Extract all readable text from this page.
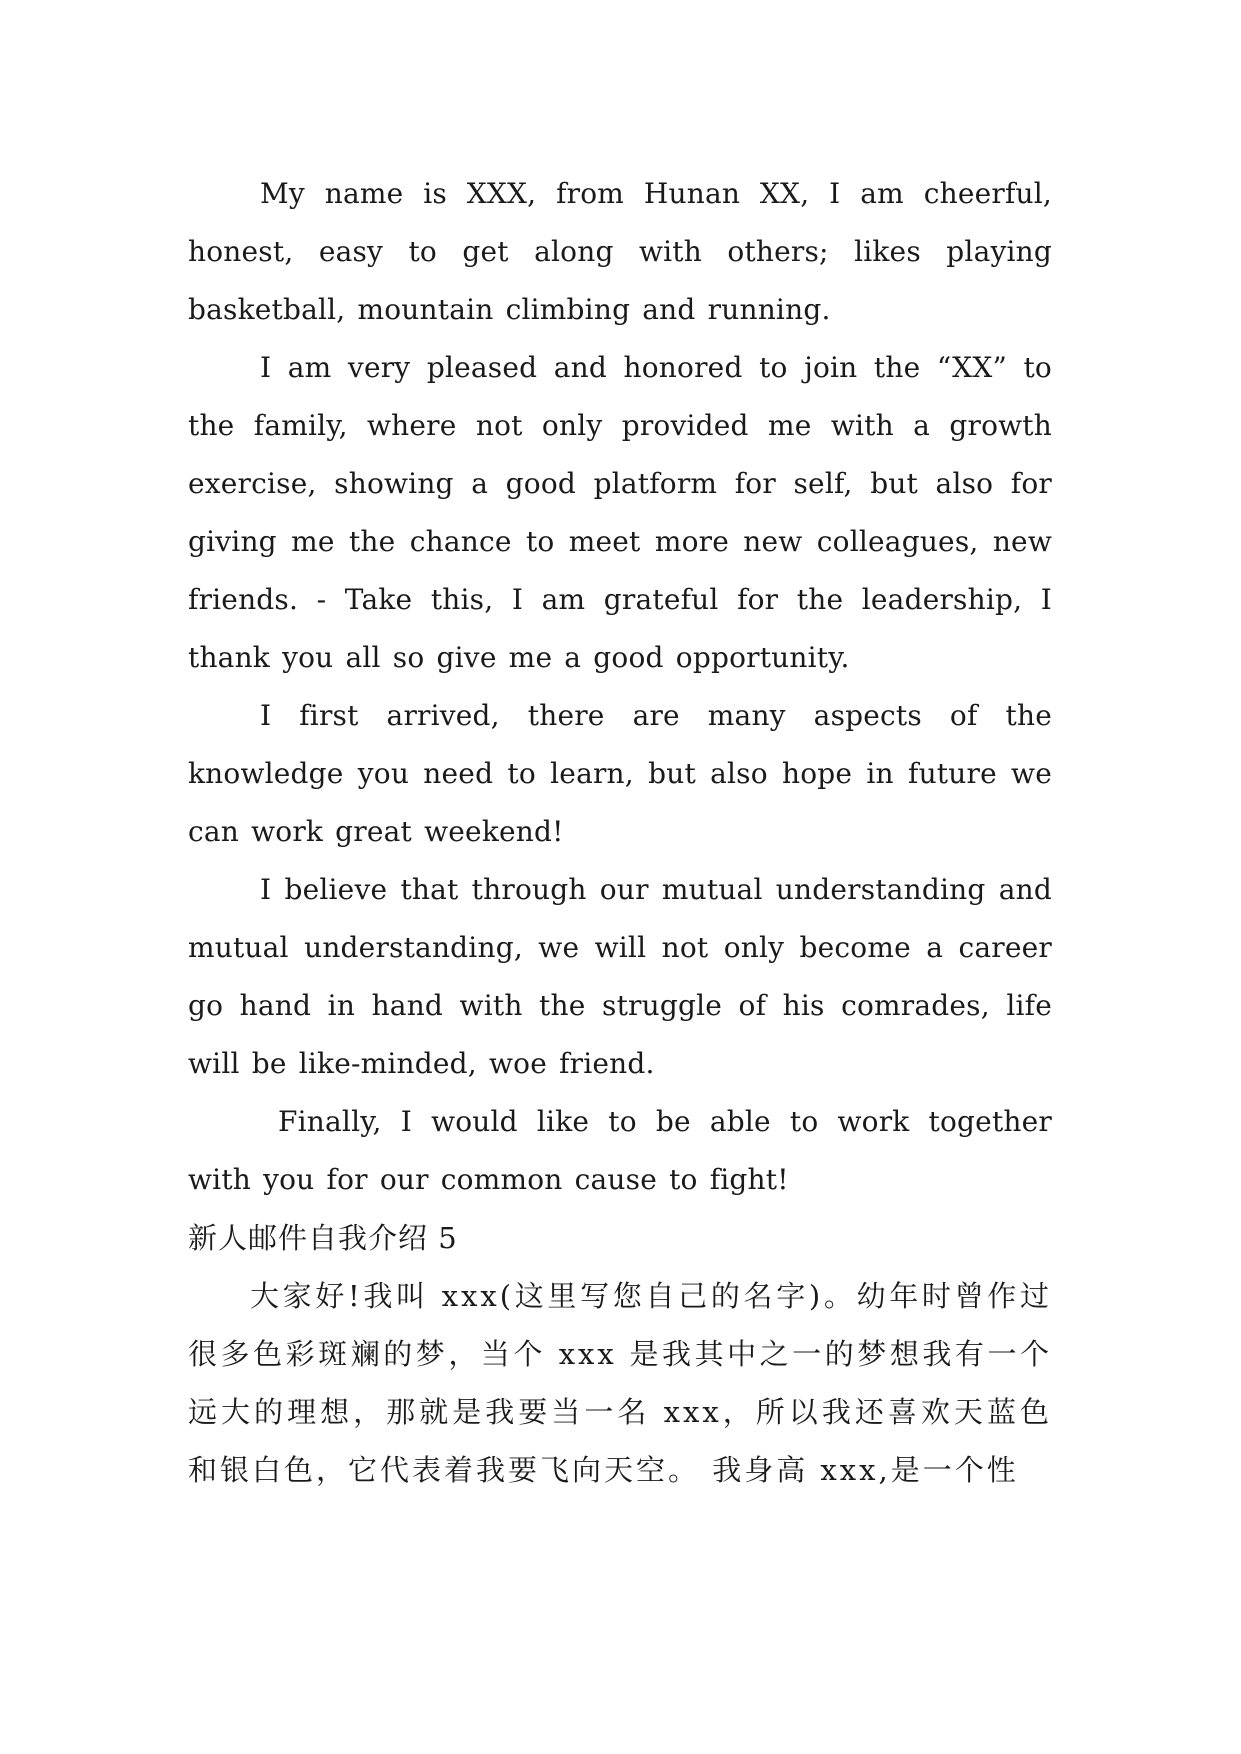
My name is XXX, from Hunan XX, I am cheerful, honest, easy to get along with others; likes playing basketball, mountain climbing and running.

I am very pleased and honored to join the “XX” to the family, where not only provided me with a growth exercise, showing a good platform for self, but also for giving me the chance to meet more new colleagues, new friends. - Take this, I am grateful for the leadership, I thank you all so give me a good opportunity.

I first arrived, there are many aspects of the knowledge you need to learn, but also hope in future we can work great weekend!

I believe that through our mutual understanding and mutual understanding, we will not only become a career go hand in hand with the struggle of his comrades, life will be like-minded, woe friend.

Finally, I would like to be able to work together with you for our common cause to fight!

新人邮件自我介绍 5

大家好!我叫 xxx(这里写您自己的名字)。幼年时曾作过很多色彩斑斓的梦，当个 xxx 是我其中之一的梦想我有一个远大的理想，那就是我要当一名 xxx，所以我还喜欢天蓝色和银白色，它代表着我要飞向天空。 我身高 xxx,是一个性
